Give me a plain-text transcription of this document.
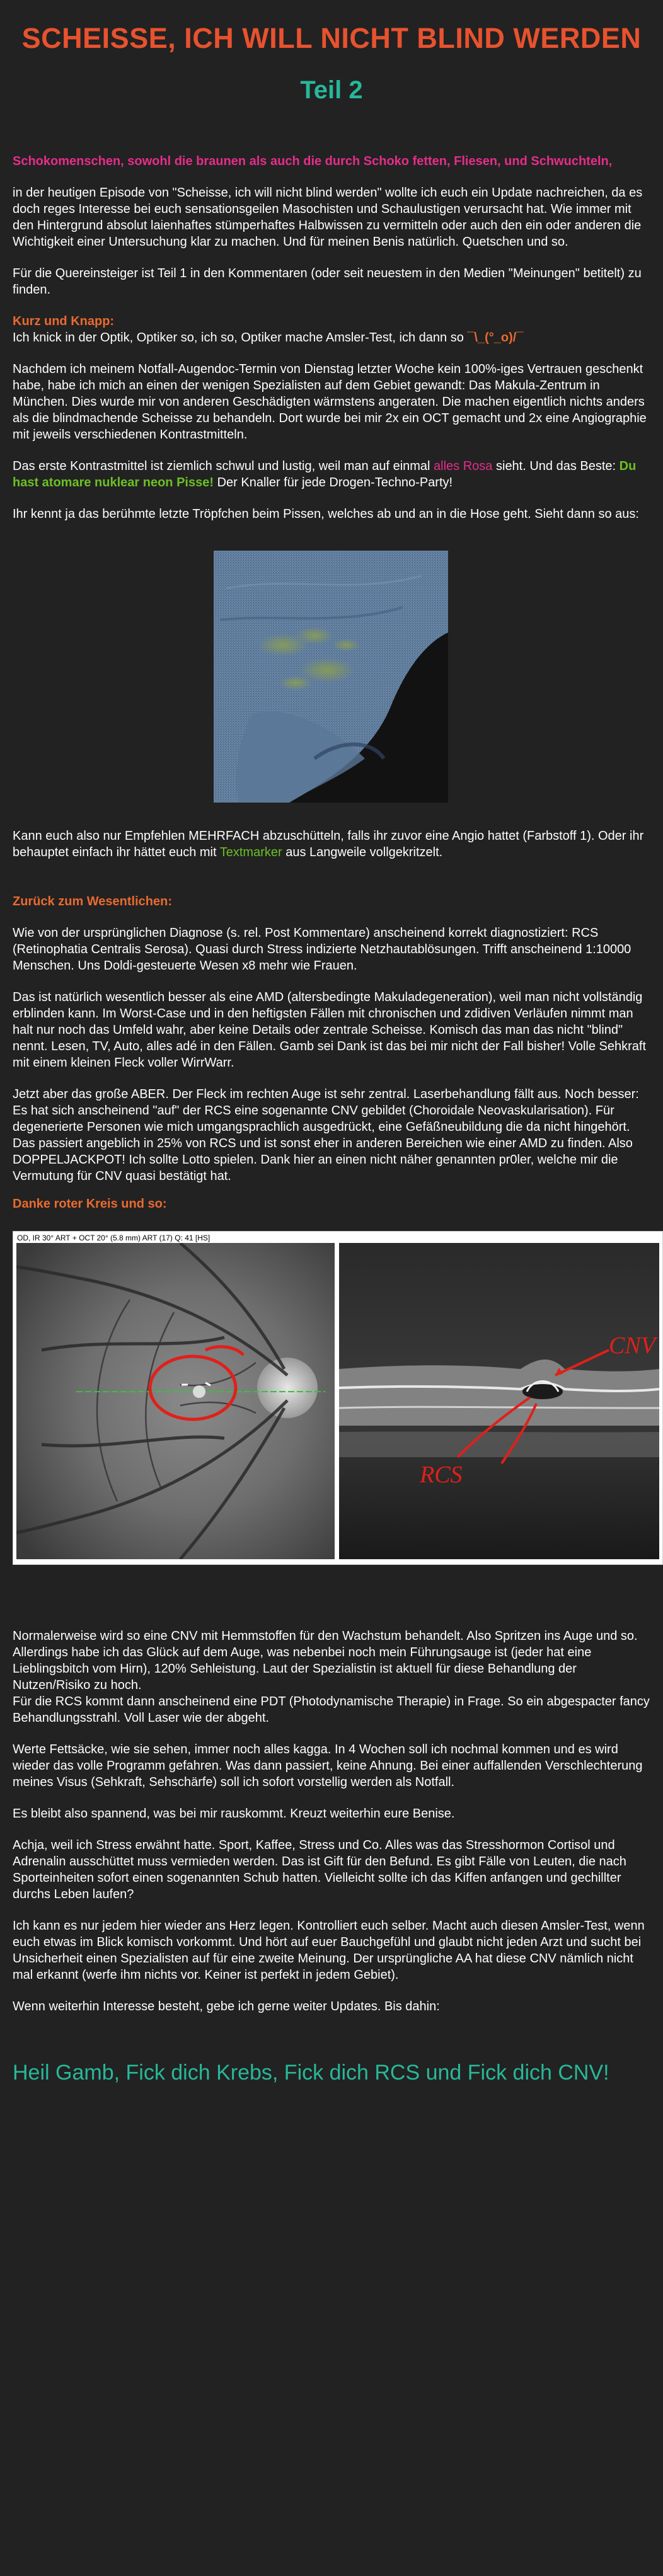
SCHEISSE, ICH WILL NICHT BLIND WERDEN
Teil 2

Schokomenschen, sowohl die braunen als auch die durch Schoko fetten, Fliesen, und Schwuchteln,

in der heutigen Episode von "Scheisse, ich will nicht blind werden" wollte ich euch ein Update nachreichen, da es doch reges Interesse bei euch sensationsgeilen Masochisten und Schaulustigen verursacht hat. Wie immer mit den Hintergrund absolut laienhaftes stümperhaftes Halbwissen zu vermitteln oder auch den ein oder anderen die Wichtigkeit einer Untersuchung klar zu machen. Und für meinen Benis natürlich. Quetschen und so.

Für die Quereinsteiger ist Teil 1 in den Kommentaren (oder seit neuestem in den Medien "Meinungen" betitelt) zu finden.

Kurz und Knapp:
Ich knick in der Optik, Optiker so, ich so, Optiker mache Amsler-Test, ich dann so ¯\_(°_o)/¯

Nachdem ich meinem Notfall-Augendoc-Termin von Dienstag letzter Woche kein 100%-iges Vertrauen geschenkt habe, habe ich mich an einen der wenigen Spezialisten auf dem Gebiet gewandt: Das Makula-Zentrum in München. Dies wurde mir von anderen Geschädigten wärmstens angeraten. Die machen eigentlich nichts anders als die blindmachende Scheisse zu behandeln. Dort wurde bei mir 2x ein OCT gemacht und 2x eine Angiographie mit jeweils verschiedenen Kontrastmitteln.

Das erste Kontrastmittel ist ziemlich schwul und lustig, weil man auf einmal alles Rosa sieht. Und das Beste: Du hast atomare nuklear neon Pisse! Der Knaller für jede Drogen-Techno-Party!

Ihr kennt ja das berühmte letzte Tröpfchen beim Pissen, welches ab und an in die Hose geht. Sieht dann so aus:

Kann euch also nur Empfehlen MEHRFACH abzuschütteln, falls ihr zuvor eine Angio hattet (Farbstoff 1). Oder ihr behauptet einfach ihr hättet euch mit Textmarker aus Langweile vollgekritzelt.

Zurück zum Wesentlichen:

Wie von der ursprünglichen Diagnose (s. rel. Post Kommentare) anscheinend korrekt diagnostiziert: RCS (Retinophatia Centralis Serosa). Quasi durch Stress indizierte Netzhautablösungen. Trifft anscheinend 1:10000 Menschen. Uns Doldi-gesteuerte Wesen x8 mehr wie Frauen.

Das ist natürlich wesentlich besser als eine AMD (altersbedingte Makuladegeneration), weil man nicht vollständig erblinden kann. Im Worst-Case und in den heftigsten Fällen mit chronischen und zdidiven Verläufen nimmt man halt nur noch das Umfeld wahr, aber keine Details oder zentrale Scheisse. Komisch das man das nicht "blind" nennt. Lesen, TV, Auto, alles adé in den Fällen. Gamb sei Dank ist das bei mir nicht der Fall bisher! Volle Sehkraft mit einem kleinen Fleck voller WirrWarr.

Jetzt aber das große ABER. Der Fleck im rechten Auge ist sehr zentral. Laserbehandlung fällt aus. Noch besser: Es hat sich anscheinend "auf" der RCS eine sogenannte CNV gebildet (Choroidale Neovaskularisation). Für degenerierte Personen wie mich umgangsprachlich ausgedrückt, eine Gefäßneubildung die da nicht hingehört. Das passiert angeblich in 25% von RCS und ist sonst eher in anderen Bereichen wie einer AMD zu finden. Also DOPPELJACKPOT! Ich sollte Lotto spielen. Dank hier an einen nicht näher genannten pr0ler, welche mir die Vermutung für CNV quasi bestätigt hat.

Danke roter Kreis und so:

OD, IR 30° ART + OCT 20° (5.8 mm) ART (17) Q: 41 [HS]
CNV
RCS

Normalerweise wird so eine CNV mit Hemmstoffen für den Wachstum behandelt. Also Spritzen ins Auge und so. Allerdings habe ich das Glück auf dem Auge, was nebenbei noch mein Führungsauge ist (jeder hat eine Lieblingsbitch vom Hirn), 120% Sehleistung. Laut der Spezialistin ist aktuell für diese Behandlung der Nutzen/Risiko zu hoch.
Für die RCS kommt dann anscheinend eine PDT (Photodynamische Therapie) in Frage. So ein abgespacter fancy Behandlungsstrahl. Voll Laser wie der abgeht.

Werte Fettsäcke, wie sie sehen, immer noch alles kagga. In 4 Wochen soll ich nochmal kommen und es wird wieder das volle Programm gefahren. Was dann passiert, keine Ahnung. Bei einer auffallenden Verschlechterung meines Visus (Sehkraft, Sehschärfe) soll ich sofort vorstellig werden als Notfall.

Es bleibt also spannend, was bei mir rauskommt. Kreuzt weiterhin eure Benise.

Achja, weil ich Stress erwähnt hatte. Sport, Kaffee, Stress und Co. Alles was das Stresshormon Cortisol und Adrenalin ausschüttet muss vermieden werden. Das ist Gift für den Befund. Es gibt Fälle von Leuten, die nach Sporteinheiten sofort einen sogenannten Schub hatten. Vielleicht sollte ich das Kiffen anfangen und gechillter durchs Leben laufen?

Ich kann es nur jedem hier wieder ans Herz legen. Kontrolliert euch selber. Macht auch diesen Amsler-Test, wenn euch etwas im Blick komisch vorkommt. Und hört auf euer Bauchgefühl und glaubt nicht jeden Arzt und sucht bei Unsicherheit einen Spezialisten auf für eine zweite Meinung. Der ursprüngliche AA hat diese CNV nämlich nicht mal erkannt (werfe ihm nichts vor. Keiner ist perfekt in jedem Gebiet).

Wenn weiterhin Interesse besteht, gebe ich gerne weiter Updates. Bis dahin:

Heil Gamb, Fick dich Krebs, Fick dich RCS und Fick dich CNV!
